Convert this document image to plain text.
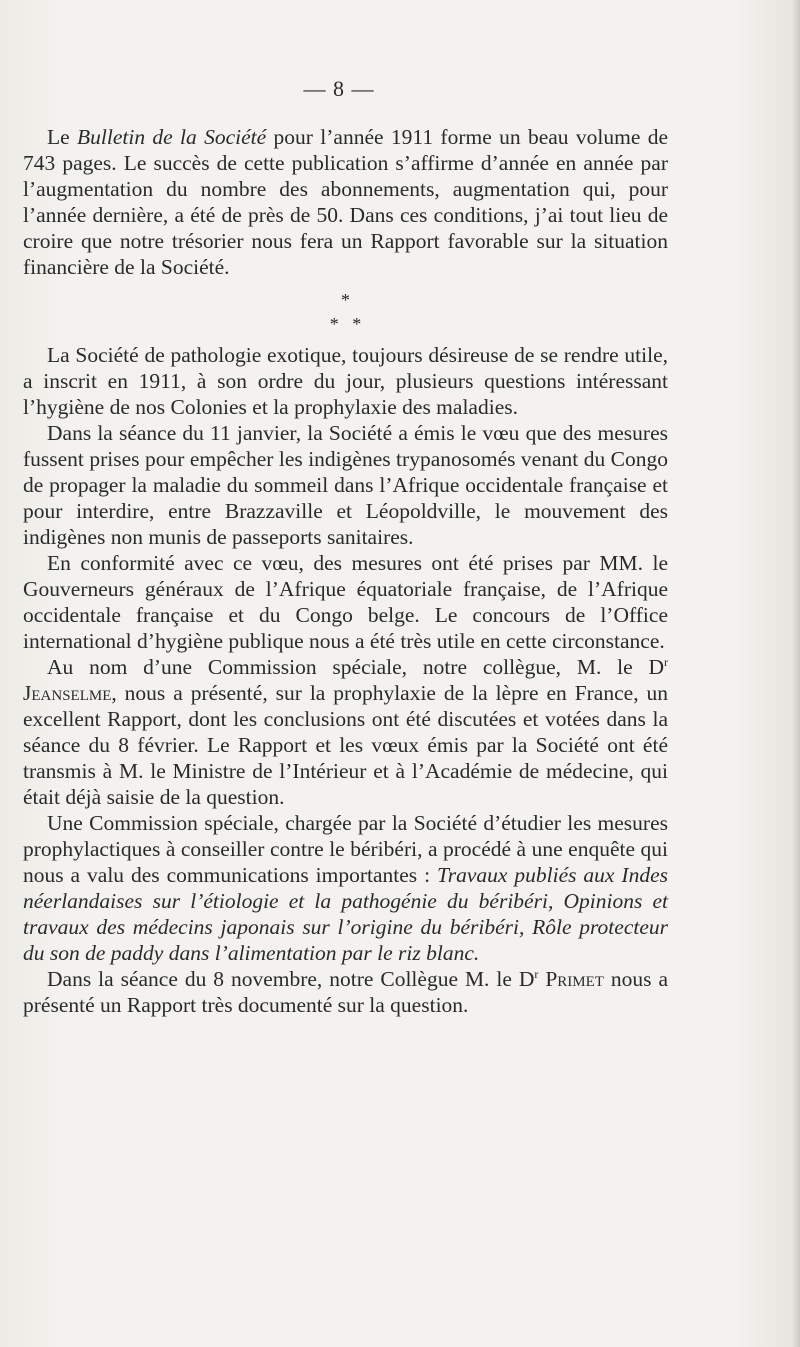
— 8 —

Le Bulletin de la Société pour l’année 1911 forme un beau volume de 743 pages. Le succès de cette publication s’affirme d’année en année par l’augmentation du nombre des abonnements, augmentation qui, pour l’année dernière, a été de près de 50. Dans ces conditions, j’ai tout lieu de croire que notre trésorier nous fera un Rapport favorable sur la situation financière de la Société.

*
*   *

La Société de pathologie exotique, toujours désireuse de se rendre utile, a inscrit en 1911, à son ordre du jour, plusieurs questions intéressant l’hygiène de nos Colonies et la prophylaxie des maladies.

Dans la séance du 11 janvier, la Société a émis le vœu que des mesures fussent prises pour empêcher les indigènes trypanosomés venant du Congo de propager la maladie du sommeil dans l’Afrique occidentale française et pour interdire, entre Brazzaville et Léopoldville, le mouvement des indigènes non munis de passeports sanitaires.

En conformité avec ce vœu, des mesures ont été prises par MM. le Gouverneurs généraux de l’Afrique équatoriale française, de l’Afrique occidentale française et du Congo belge. Le concours de l’Office international d’hygiène publique nous a été très utile en cette circonstance.

Au nom d’une Commission spéciale, notre collègue, M. le $D^r$ Jeanselme, nous a présenté, sur la prophylaxie de la lèpre en France, un excellent Rapport, dont les conclusions ont été discutées et votées dans la séance du 8 février. Le Rapport et les vœux émis par la Société ont été transmis à M. le Ministre de l’Intérieur et à l’Académie de médecine, qui était déjà saisie de la question.

Une Commission spéciale, chargée par la Société d’étudier les mesures prophylactiques à conseiller contre le béribéri, a procédé à une enquête qui nous a valu des communications importantes : Travaux publiés aux Indes néerlandaises sur l’étiologie et la pathogénie du béribéri, Opinions et travaux des médecins japonais sur l’origine du béribéri, Rôle protecteur du son de paddy dans l’alimentation par le riz blanc.

Dans la séance du 8 novembre, notre Collègue M. le $D^r$ Primet nous a présenté un Rapport très documenté sur la question.
